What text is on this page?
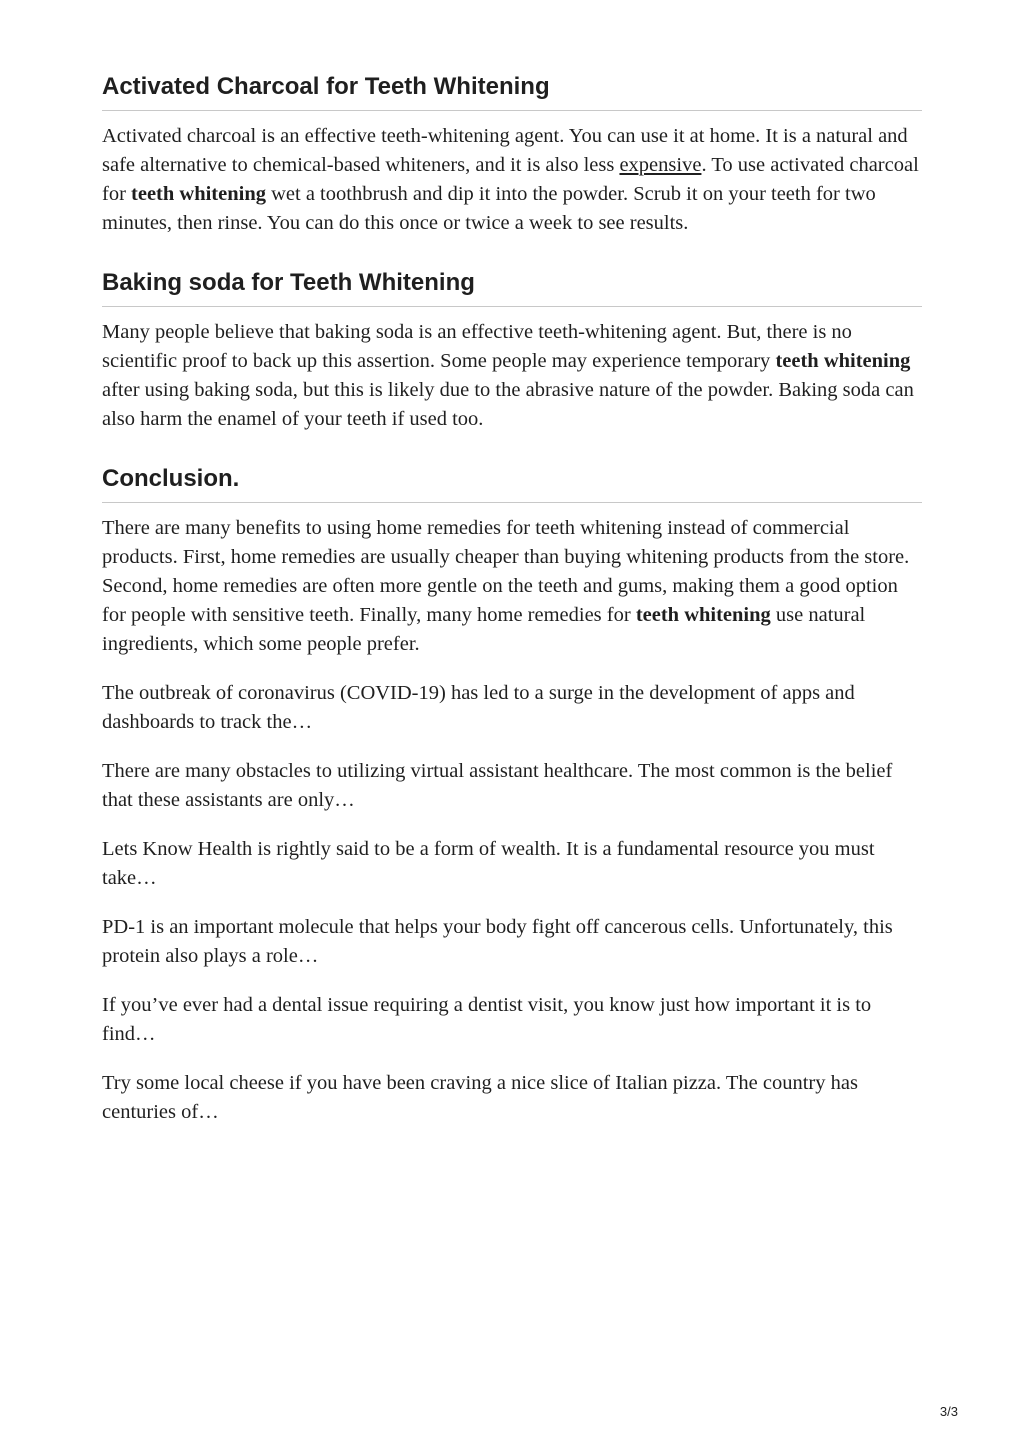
Activated Charcoal for Teeth Whitening

Activated charcoal is an effective teeth-whitening agent. You can use it at home. It is a natural and safe alternative to chemical-based whiteners, and it is also less expensive. To use activated charcoal for teeth whitening wet a toothbrush and dip it into the powder. Scrub it on your teeth for two minutes, then rinse. You can do this once or twice a week to see results.

Baking soda for Teeth Whitening

Many people believe that baking soda is an effective teeth-whitening agent. But, there is no scientific proof to back up this assertion. Some people may experience temporary teeth whitening after using baking soda, but this is likely due to the abrasive nature of the powder. Baking soda can also harm the enamel of your teeth if used too.

Conclusion.

There are many benefits to using home remedies for teeth whitening instead of commercial products. First, home remedies are usually cheaper than buying whitening products from the store. Second, home remedies are often more gentle on the teeth and gums, making them a good option for people with sensitive teeth. Finally, many home remedies for teeth whitening use natural ingredients, which some people prefer.

The outbreak of coronavirus (COVID-19) has led to a surge in the development of apps and dashboards to track the…

There are many obstacles to utilizing virtual assistant healthcare. The most common is the belief that these assistants are only…

Lets Know Health is rightly said to be a form of wealth. It is a fundamental resource you must take…

PD-1 is an important molecule that helps your body fight off cancerous cells. Unfortunately, this protein also plays a role…

If you’ve ever had a dental issue requiring a dentist visit, you know just how important it is to find…

Try some local cheese if you have been craving a nice slice of Italian pizza. The country has centuries of…

3/3
